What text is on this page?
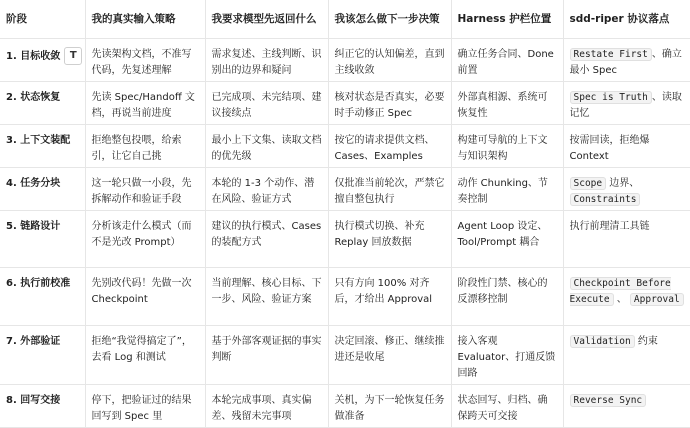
阶段	我的真实输入策略	我要求模型先返回什么	我该怎么做下一步决策	Harness 护栏位置	sdd-riper 协议落点
1. 目标收敛 T	先读架构文档，不准写代码，先复述理解	需求复述、主线判断、识别出的边界和疑问	纠正它的认知偏差，直到主线收敛	确立任务合同、Done 前置	Restate First 、确立最小 Spec
2. 状态恢复	先读 Spec/Handoff 文档，再说当前进度	已完成项、未完结项、建议接续点	核对状态是否真实，必要时手动修正 Spec	外部真相源、系统可恢复性	Spec is Truth 、读取记忆
3. 上下文装配	拒绝整包投喂，给索引，让它自己挑	最小上下文集、读取文档的优先级	按它的请求提供文档、Cases、Examples	构建可导航的上下文与知识架构	按需回读，拒绝爆 Context
4. 任务分块	这一轮只做一小段，先拆解动作和验证手段	本轮的 1-3 个动作、潜在风险、验证方式	仅批准当前轮次，严禁它擅自整包执行	动作 Chunking、节奏控制	Scope 边界、Constraints
5. 链路设计	分析该走什么模式（而不是光改 Prompt）	建议的执行模式、Cases 的装配方式	执行模式切换、补充 Replay 回放数据	Agent Loop 设定、Tool/Prompt 耦合	执行前理清工具链
6. 执行前校准	先别改代码！先做一次 Checkpoint	当前理解、核心目标、下一步、风险、验证方案	只有方向 100% 对齐后，才给出 Approval	阶段性门禁、核心的反漂移控制	Checkpoint Before Execute 、 Approval
7. 外部验证	拒绝“我觉得搞定了”，去看 Log 和测试	基于外部客观证据的事实判断	决定回滚、修正、继续推进还是收尾	接入客观 Evaluator、打通反馈回路	Validation 约束
8. 回写交接	停下，把验证过的结果回写到 Spec 里	本轮完成事项、真实偏差、残留未完事项	关机，为下一轮恢复任务做准备	状态回写、归档、确保跨天可交接	Reverse Sync
